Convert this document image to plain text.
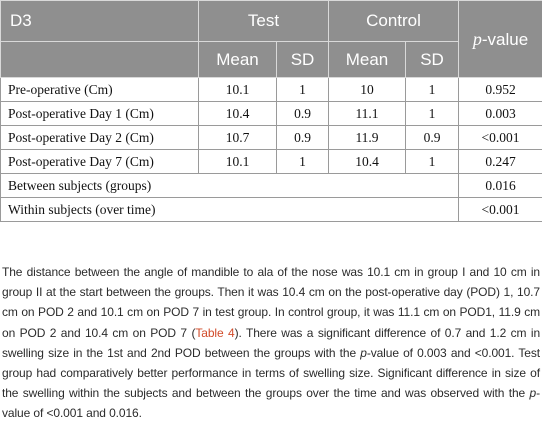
D3	Test		Control		p-value
	Mean	SD	Mean	SD	
Pre-operative (Cm)	10.1	1	10	1	0.952
Post-operative Day 1 (Cm)	10.4	0.9	11.1	1	0.003
Post-operative Day 2 (Cm)	10.7	0.9	11.9	0.9	<0.001
Post-operative Day 7 (Cm)	10.1	1	10.4	1	0.247
Between subjects (groups)					0.016
Within subjects (over time)					<0.001

The distance between the angle of mandible to ala of the nose was 10.1 cm in group I and 10 cm in group II at the start between the groups. Then it was 10.4 cm on the post-operative day (POD) 1, 10.7 cm on POD 2 and 10.1 cm on POD 7 in test group. In control group, it was 11.1 cm on POD1, 11.9 cm on POD 2 and 10.4 cm on POD 7 (Table 4). There was a significant difference of 0.7 and 1.2 cm in swelling size in the 1st and 2nd POD between the groups with the p-value of 0.003 and <0.001. Test group had comparatively better performance in terms of swelling size. Significant difference in size of the swelling within the subjects and between the groups over the time and was observed with the p-value of <0.001 and 0.016.
